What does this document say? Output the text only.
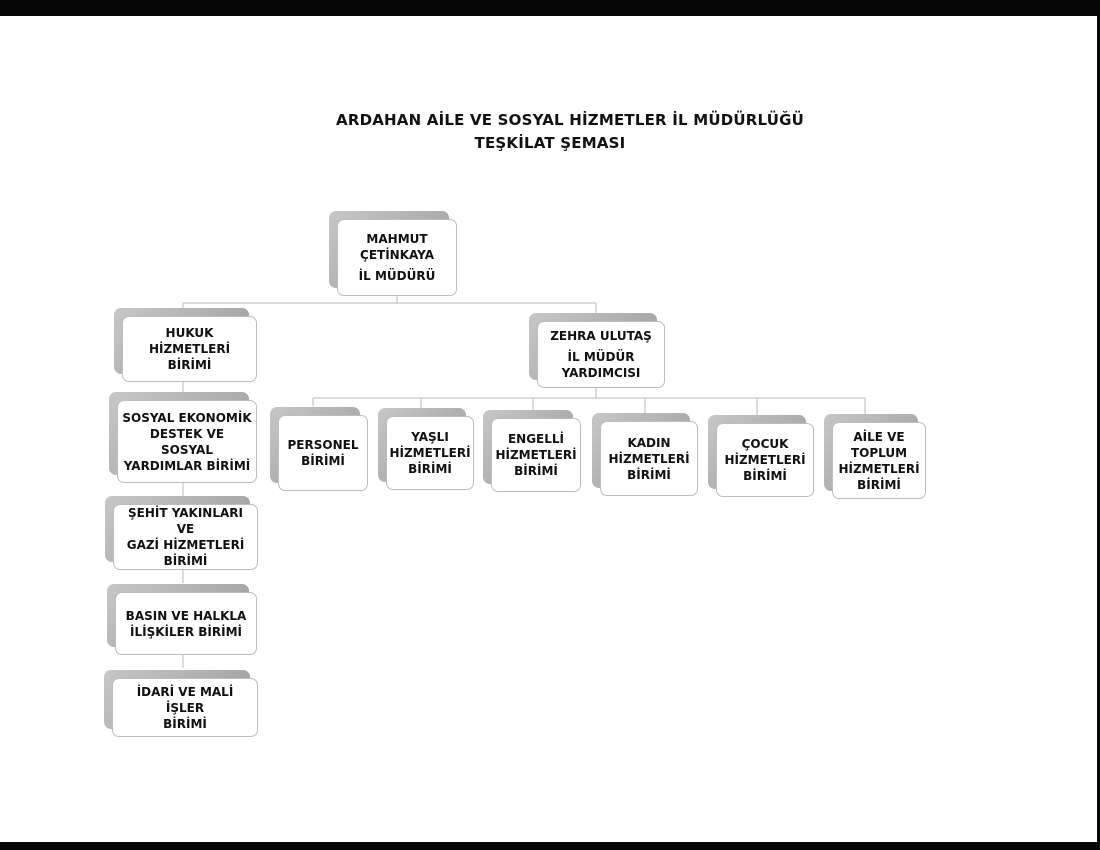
ARDAHAN AİLE VE SOSYAL HİZMETLER İL MÜDÜRLÜĞÜ
TEŞKİLAT ŞEMASI
MAHMUT
ÇETİNKAYA
İL MÜDÜRÜ
ZEHRA ULUTAŞ
İL MÜDÜR
YARDIMCISI
HUKUK
HİZMETLERİ BİRİMİ
SOSYAL EKONOMİK
DESTEK VE SOSYAL
YARDIMLAR BİRİMİ
ŞEHİT YAKINLARI VE
GAZİ HİZMETLERİ
BİRİMİ
BASIN VE HALKLA
İLİŞKİLER BİRİMİ
İDARİ VE MALİ İŞLER
BİRİMİ
PERSONEL
BİRİMİ
YAŞLI
HİZMETLERİ
BİRİMİ
ENGELLİ
HİZMETLERİ
BİRİMİ
KADIN
HİZMETLERİ
BİRİMİ
ÇOCUK
HİZMETLERİ
BİRİMİ
AİLE VE
TOPLUM
HİZMETLERİ
BİRİMİ
